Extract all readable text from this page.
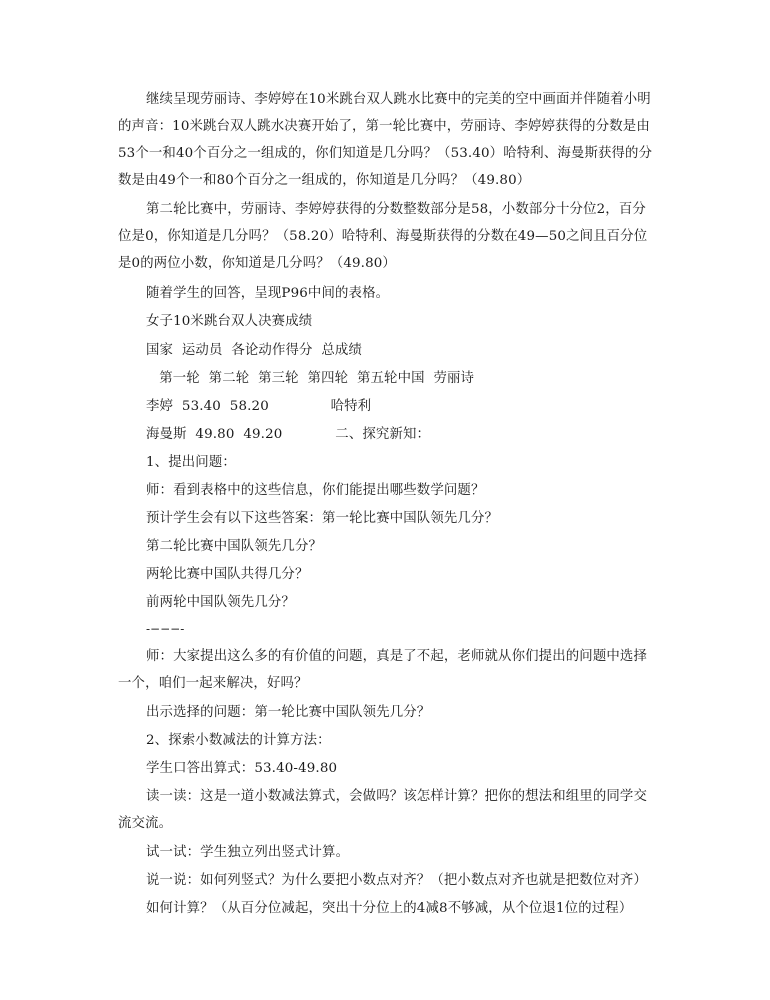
继续呈现劳丽诗、李婷婷在10米跳台双人跳水比赛中的完美的空中画面并伴随着小明
的声音：10米跳台双人跳水决赛开始了，第一轮比赛中，劳丽诗、李婷婷获得的分数是由
53个一和40个百分之一组成的，你们知道是几分吗？（53.40）哈特利、海曼斯获得的分
数是由49个一和80个百分之一组成的，你知道是几分吗？（49.80）
第二轮比赛中，劳丽诗、李婷婷获得的分数整数部分是58，小数部分十分位2，百分
位是0，你知道是几分吗？（58.20）哈特利、海曼斯获得的分数在49—50之间且百分位
是0的两位小数，你知道是几分吗？（49.80）
随着学生的回答，呈现P96中间的表格。
女子10米跳台双人决赛成绩
国家  运动员  各论动作得分  总成绩
第一轮  第二轮  第三轮  第四轮  第五轮中国  劳丽诗
李婷  53.40  58.20              哈特利
海曼斯  49.80  49.20            二、探究新知：
1、提出问题：
师：看到表格中的这些信息，你们能提出哪些数学问题？
预计学生会有以下这些答案：第一轮比赛中国队领先几分？
第二轮比赛中国队领先几分？
两轮比赛中国队共得几分？
前两轮中国队领先几分？
-−−−-
师：大家提出这么多的有价值的问题，真是了不起，老师就从你们提出的问题中选择
一个，咱们一起来解决，好吗？
出示选择的问题：第一轮比赛中国队领先几分？
2、探索小数减法的计算方法：
学生口答出算式：53.40-49.80
读一读：这是一道小数减法算式，会做吗？该怎样计算？把你的想法和组里的同学交
流交流。
试一试：学生独立列出竖式计算。
说一说：如何列竖式？为什么要把小数点对齐？（把小数点对齐也就是把数位对齐）
如何计算？（从百分位减起，突出十分位上的4减8不够减，从个位退1位的过程）
